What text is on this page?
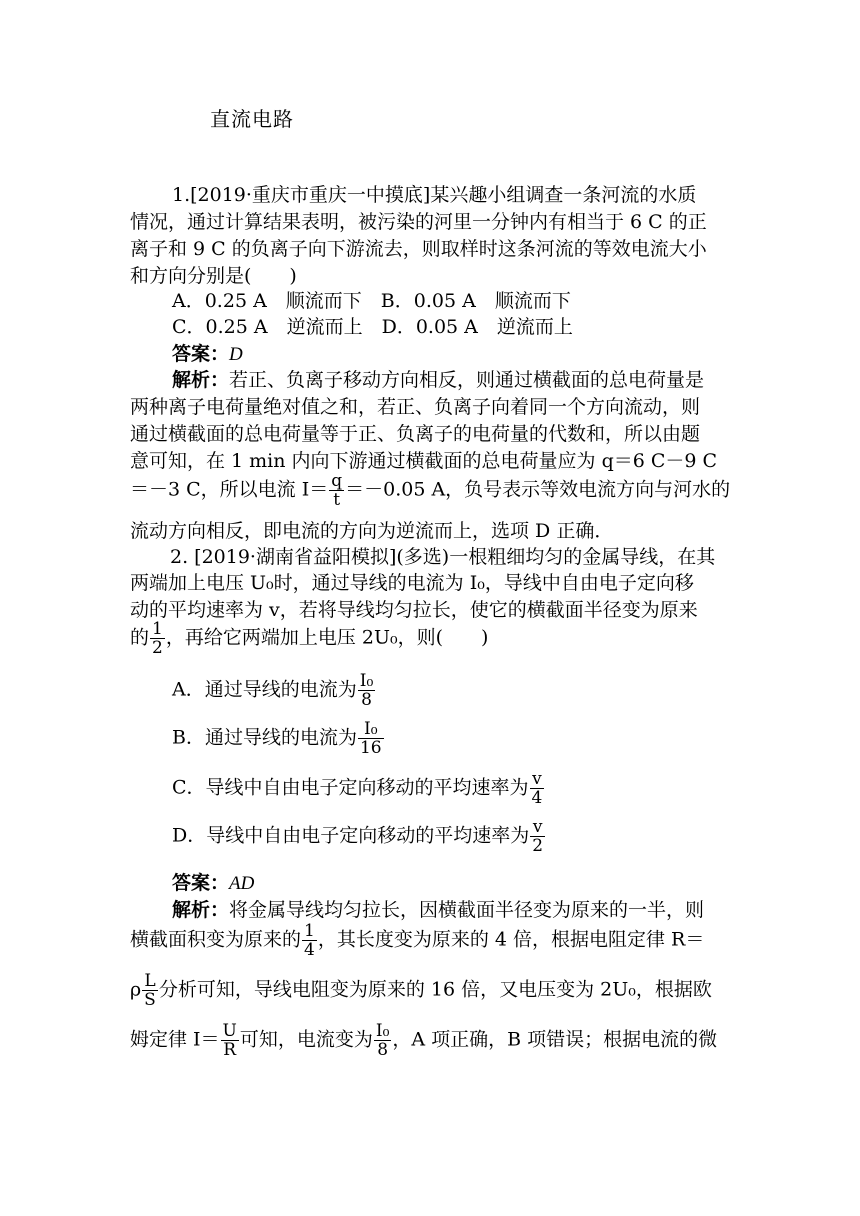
直流电路
1.[2019·重庆市重庆一中摸底]某兴趣小组调查一条河流的水质
情况，通过计算结果表明，被污染的河里一分钟内有相当于 6 C 的正
离子和 9 C 的负离子向下游流去，则取样时这条河流的等效电流大小
和方向分别是(　　)
A．0.25 A　顺流而下　B．0.05 A　顺流而下
C．0.25 A　逆流而上　D．0.05 A　逆流而上
答案：D
解析：若正、负离子移动方向相反，则通过横截面的总电荷量是
两种离子电荷量绝对值之和，若正、负离子向着同一个方向流动，则
通过横截面的总电荷量等于正、负离子的电荷量的代数和，所以由题
意可知，在 1 min 内向下游通过横截面的总电荷量应为 q＝6 C－9 C
＝－3 C，所以电流 $I= \frac{q}{t} =-0.05$ A，负号表示等效电流方向与河水的
流动方向相反，即电流的方向为逆流而上，选项 D 正确．
2. [2019·湖南省益阳模拟](多选)一根粗细均匀的金属导线，在其
两端加上电压 U₀时，通过导线的电流为 I₀，导线中自由电子定向移
动的平均速率为 v，若将导线均匀拉长，使它的横截面半径变为原来
的 $\frac{1}{2}$ ，再给它两端加上电压 2U₀，则(　　)
A．通过导线的电流为 $\frac{\text{I₀}}{8}$
B．通过导线的电流为 $\frac{\text{I₀}}{16}$
C．导线中自由电子定向移动的平均速率为 $\frac{v}{4}$
D．导线中自由电子定向移动的平均速率为 $\frac{v}{2}$
答案：AD
解析：将金属导线均匀拉长，因横截面半径变为原来的一半，则
横截面积变为原来的 $\frac{1}{4}$ ，其长度变为原来的 4 倍，根据电阻定律 R＝
ρ $\frac{L}{S}$ 分析可知，导线电阻变为原来的 16 倍，又电压变为 2U₀，根据欧
姆定律 $I= \frac{U}{R}$ 可知，电流变为 $\frac{\text{I₀}}{8}$ ，A 项正确，B 项错误；根据电流的微
